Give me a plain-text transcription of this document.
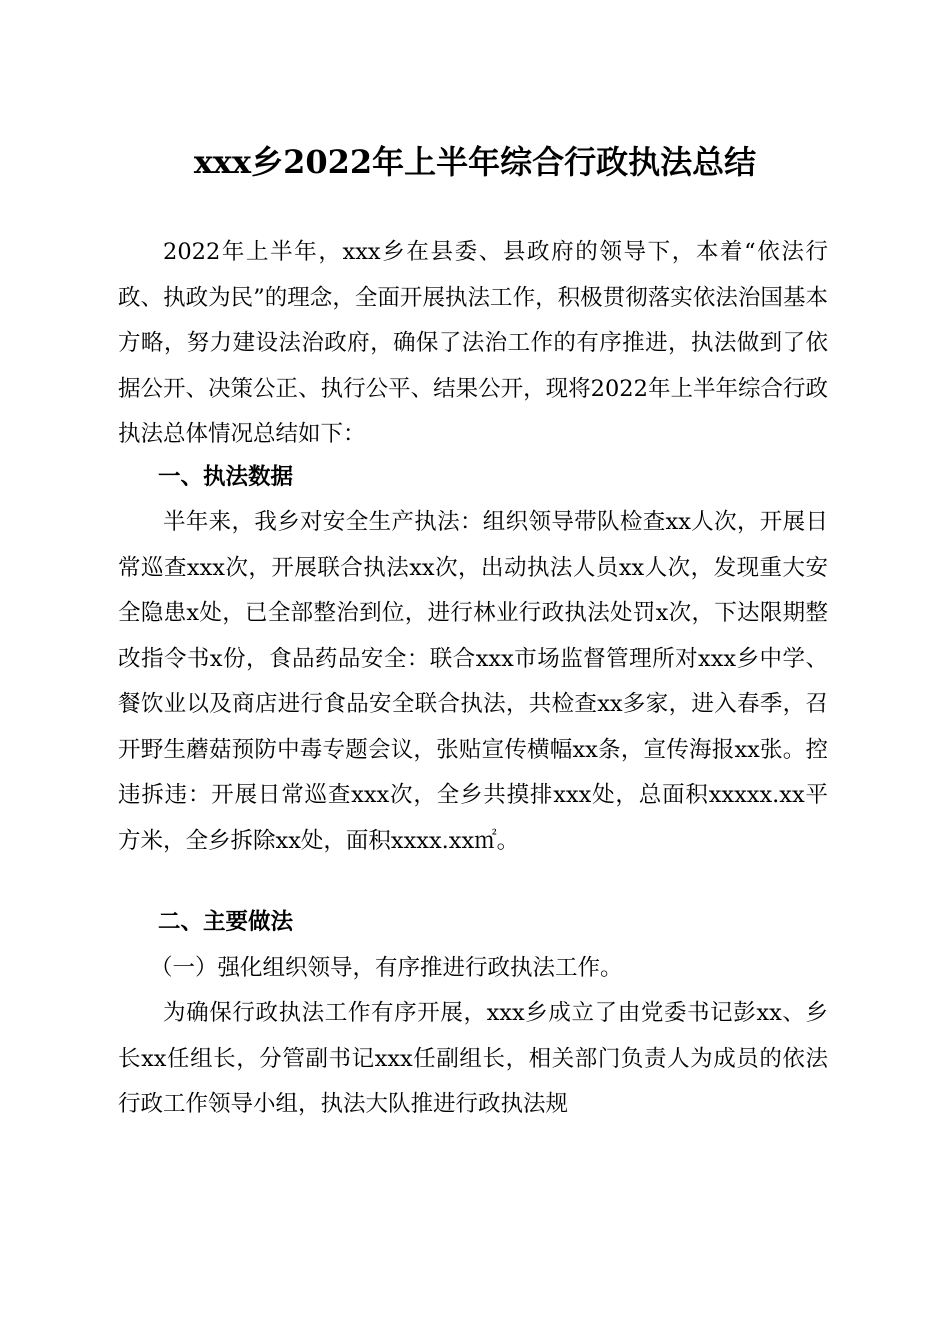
xxx乡2022年上半年综合行政执法总结

2022年上半年，xxx乡在县委、县政府的领导下，本着“依法行政、执政为民”的理念，全面开展执法工作，积极贯彻落实依法治国基本方略，努力建设法治政府，确保了法治工作的有序推进，执法做到了依据公开、决策公正、执行公平、结果公开，现将2022年上半年综合行政执法总体情况总结如下：

一、执法数据

半年来，我乡对安全生产执法：组织领导带队检查xx人次，开展日常巡查xxx次，开展联合执法xx次，出动执法人员xx人次，发现重大安全隐患x处，已全部整治到位，进行林业行政执法处罚x次，下达限期整改指令书x份，食品药品安全：联合xxx市场监督管理所对xxx乡中学、餐饮业以及商店进行食品安全联合执法，共检查xx多家，进入春季，召开野生蘑菇预防中毒专题会议，张贴宣传横幅xx条，宣传海报xx张。控违拆违：开展日常巡查xxx次，全乡共摸排xxx处，总面积xxxxx.xx平方米，全乡拆除xx处，面积xxxx.xx㎡。

二、主要做法
（一）强化组织领导，有序推进行政执法工作。

为确保行政执法工作有序开展，xxx乡成立了由党委书记彭xx、乡长xx任组长，分管副书记xxx任副组长，相关部门负责人为成员的依法行政工作领导小组，执法大队推进行政执法规
